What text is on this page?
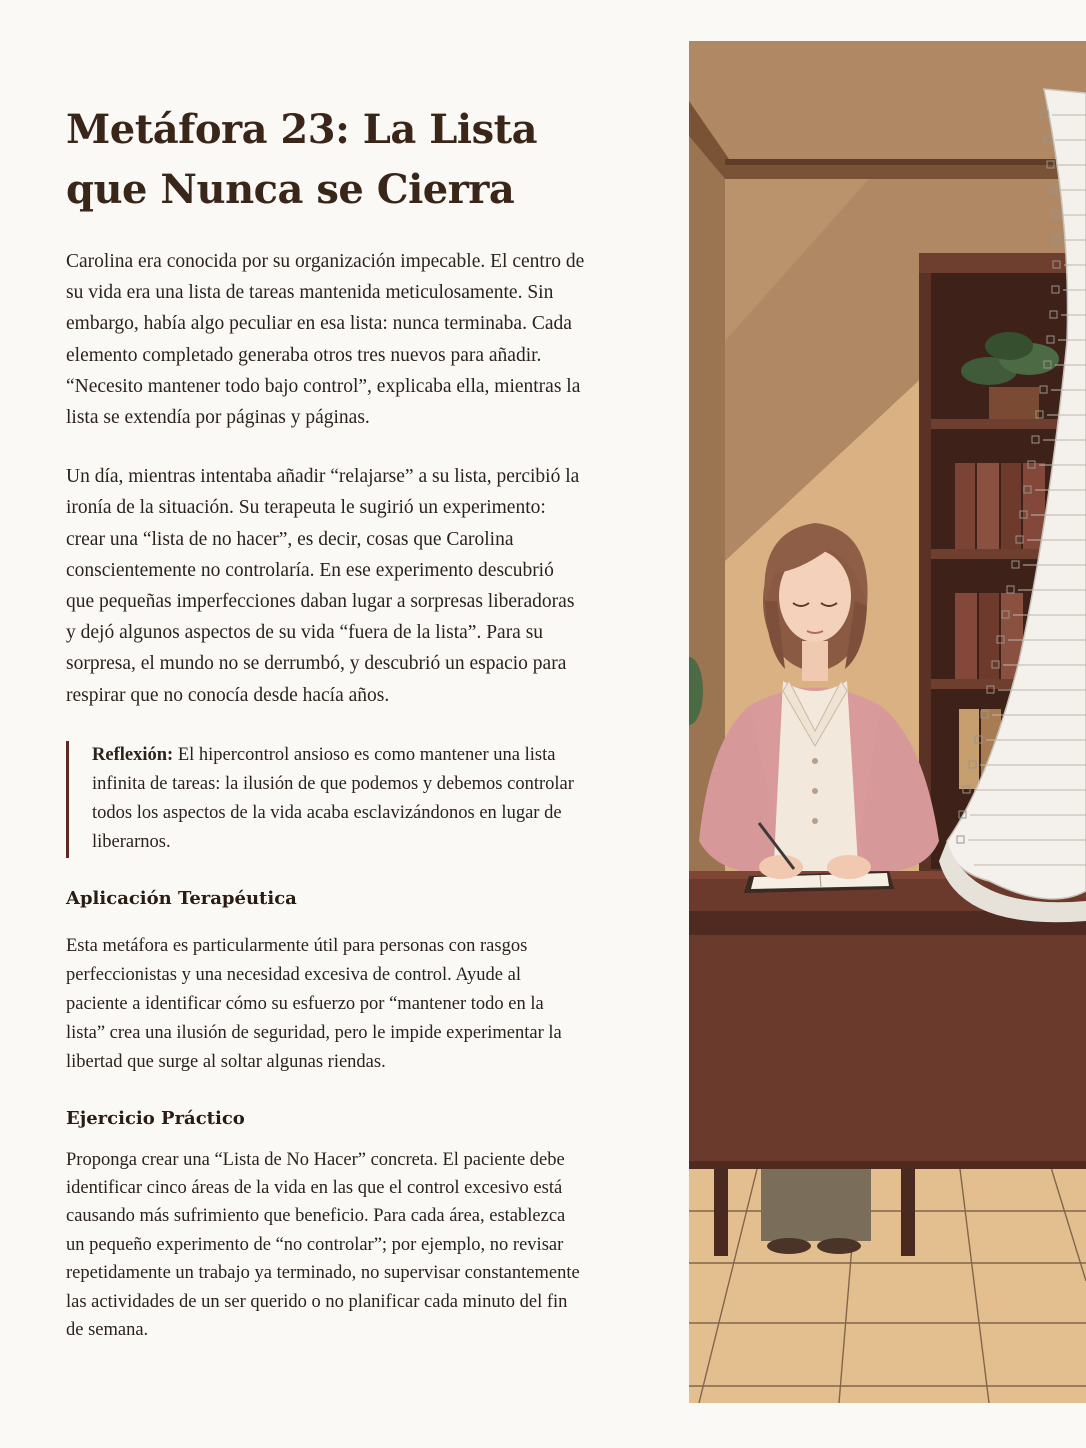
Metáfora 23: La Lista que Nunca se Cierra

Carolina era conocida por su organización impecable. El centro de su vida era una lista de tareas mantenida meticulosamente. Sin embargo, había algo peculiar en esa lista: nunca terminaba. Cada elemento completado generaba otros tres nuevos para añadir. “Necesito mantener todo bajo control”, explicaba ella, mientras la lista se extendía por páginas y páginas.

Un día, mientras intentaba añadir “relajarse” a su lista, percibió la ironía de la situación. Su terapeuta le sugirió un experimento: crear una “lista de no hacer”, es decir, cosas que Carolina conscientemente no controlaría. En ese experimento descubrió que pequeñas imperfecciones daban lugar a sorpresas liberadoras y dejó algunos aspectos de su vida “fuera de la lista”. Para su sorpresa, el mundo no se derrumbó, y descubrió un espacio para respirar que no conocía desde hacía años.

Reflexión: El hipercontrol ansioso es como mantener una lista infinita de tareas: la ilusión de que podemos y debemos controlar todos los aspectos de la vida acaba esclavizándonos en lugar de liberarnos.
Aplicación Terapéutica

Esta metáfora es particularmente útil para personas con rasgos perfeccionistas y una necesidad excesiva de control. Ayude al paciente a identificar cómo su esfuerzo por “mantener todo en la lista” crea una ilusión de seguridad, pero le impide experimentar la libertad que surge al soltar algunas riendas.

Ejercicio Práctico

Proponga crear una “Lista de No Hacer” concreta. El paciente debe identificar cinco áreas de la vida en las que el control excesivo está causando más sufrimiento que beneficio. Para cada área, establezca un pequeño experimento de “no controlar”; por ejemplo, no revisar repetidamente un trabajo ya terminado, no supervisar constantemente las actividades de un ser querido o no planificar cada minuto del fin de semana.
